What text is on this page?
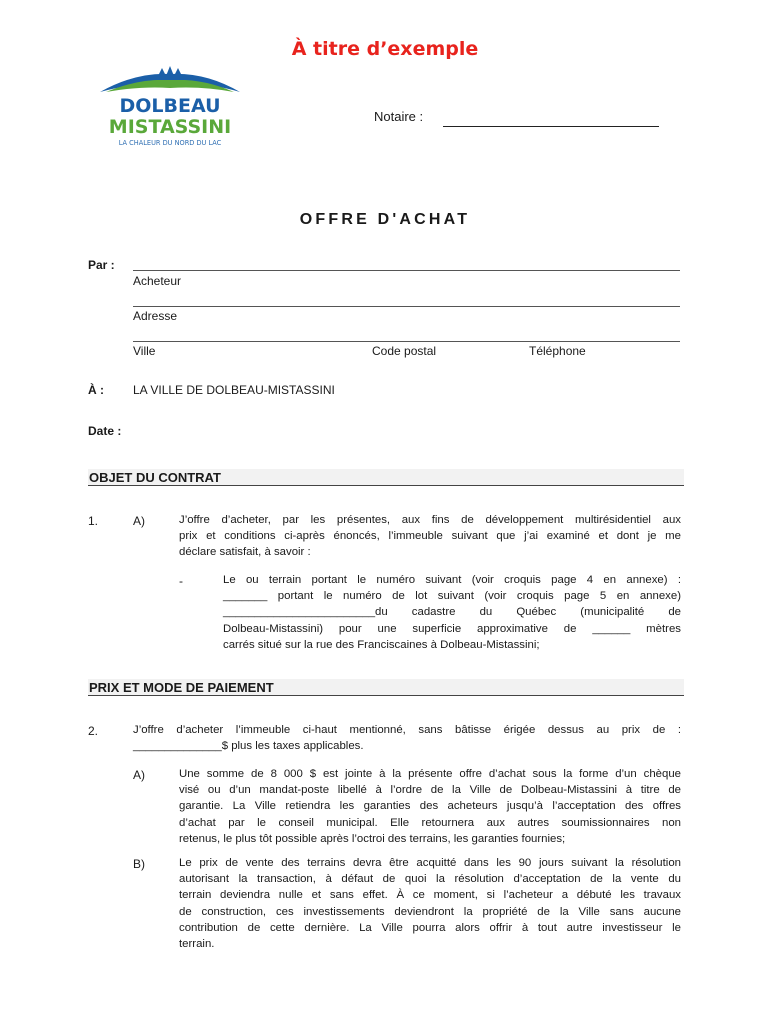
À titre d’exemple
DOLBEAU
MISTASSINI
LA CHALEUR DU NORD DU LAC
Notaire :
OFFRE D'ACHAT
Par :
Acheteur
Adresse
Ville	Code postal	Téléphone
À : LA VILLE DE DOLBEAU-MISTASSINI
Date :
OBJET DU CONTRAT
1.	A)	J’offre d’acheter, par les présentes, aux fins de développement multirésidentiel aux
prix et conditions ci-après énoncés, l’immeuble suivant que j’ai examiné et dont je me
déclare satisfait, à savoir :
-	Le ou terrain portant le numéro suivant (voir croquis page 4 en annexe) :
_______ portant le numéro de lot suivant (voir croquis page 5 en annexe)
________________________du cadastre du Québec (municipalité de
Dolbeau-Mistassini) pour une superficie approximative de ______ mètres
carrés situé sur la rue des Franciscaines à Dolbeau-Mistassini;
PRIX ET MODE DE PAIEMENT
2.	J’offre d’acheter l’immeuble ci-haut mentionné, sans bâtisse érigée dessus au prix de :
______________$ plus les taxes applicables.
A)	Une somme de 8 000 $ est jointe à la présente offre d’achat sous la forme d’un chèque
visé ou d’un mandat-poste libellé à l’ordre de la Ville de Dolbeau-Mistassini à titre de
garantie. La Ville retiendra les garanties des acheteurs jusqu’à l’acceptation des offres
d’achat par le conseil municipal. Elle retournera aux autres soumissionnaires non
retenus, le plus tôt possible après l’octroi des terrains, les garanties fournies;
B)	Le prix de vente des terrains devra être acquitté dans les 90 jours suivant la résolution
autorisant la transaction, à défaut de quoi la résolution d’acceptation de la vente du
terrain deviendra nulle et sans effet. À ce moment, si l’acheteur a débuté les travaux
de construction, ces investissements deviendront la propriété de la Ville sans aucune
contribution de cette dernière. La Ville pourra alors offrir à tout autre investisseur le
terrain.
